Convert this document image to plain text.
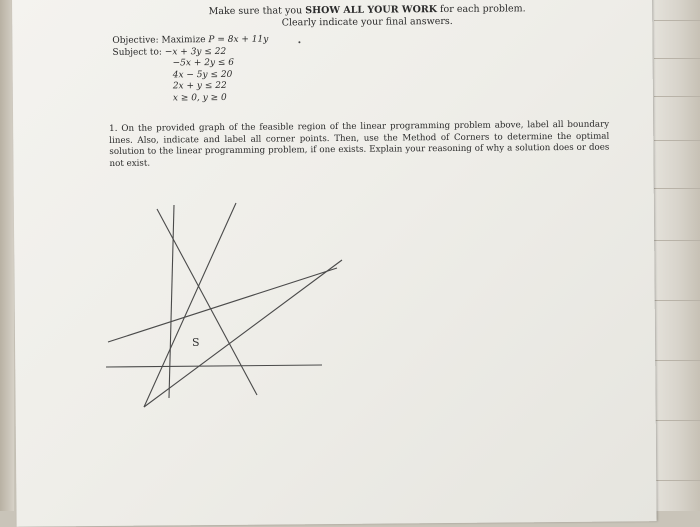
Make sure that you SHOW ALL YOUR WORK for each problem.
Clearly indicate your final answers.
Objective: Maximize P = 8x + 11y
Subject to: −x + 3y ≤ 22
−5x + 2y ≤ 6
4x − 5y ≤ 20
2x + y ≤ 22
x ≥ 0, y ≥ 0
1. On the provided graph of the feasible region of the linear programming problem above, label all boundary lines. Also, indicate and label all corner points. Then, use the Method of Corners to determine the optimal solution to the linear programming problem, if one exists. Explain your reasoning of why a solution does or does not exist.
S
